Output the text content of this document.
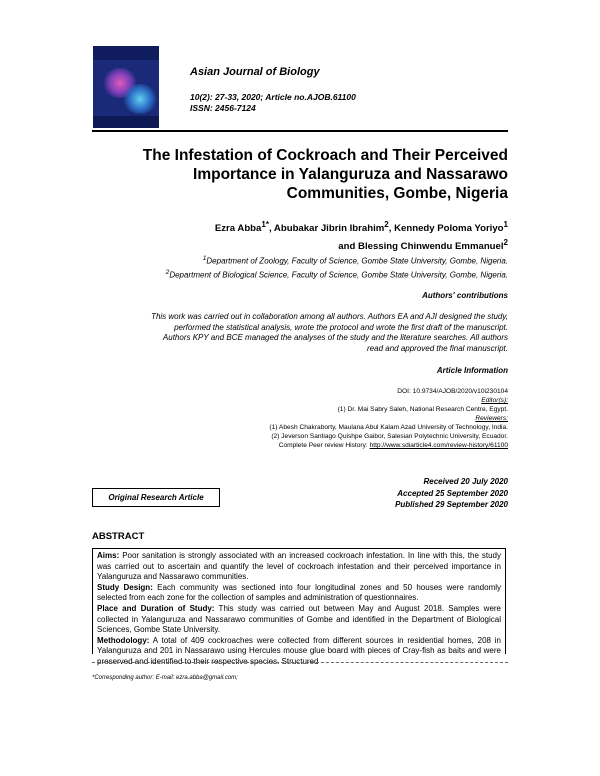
Asian Journal of Biology
10(2): 27-33, 2020; Article no.AJOB.61100
ISSN: 2456-7124
The Infestation of Cockroach and Their Perceived
Importance in Yalanguruza and Nassarawo
Communities, Gombe, Nigeria
Ezra Abba$^{1*}$, Abubakar Jibrin Ibrahim$^2$, Kennedy Poloma Yoriyo$^1$
and Blessing Chinwendu Emmanuel$^2$
$^1$Department of Zoology, Faculty of Science, Gombe State University, Gombe, Nigeria.
$^2$Department of Biological Science, Faculty of Science, Gombe State University, Gombe, Nigeria.
Authors' contributions
This work was carried out in collaboration among all authors. Authors EA and AJI designed the study,
performed the statistical analysis, wrote the protocol and wrote the first draft of the manuscript.
Authors KPY and BCE managed the analyses of the study and the literature searches. All authors
read and approved the final manuscript.
Article Information
DOI: 10.9734/AJOB/2020/v10i230104
Editor(s):
(1) Dr. Mai Sabry Saleh, National Research Centre, Egypt.
Reviewers:
(1) Abesh Chakraborty, Maulana Abul Kalam Azad University of Technology, India.
(2) Jeverson Santiago Quishpe Gaibor, Salesian Polytechnic University, Ecuador.
Complete Peer review History: http://www.sdiarticle4.com/review-history/61100
Received 20 July 2020
Accepted 25 September 2020
Published 29 September 2020
Original Research Article
ABSTRACT

Aims: Poor sanitation is strongly associated with an increased cockroach infestation. In line with this, the study was carried out to ascertain and quantify the level of cockroach infestation and their perceived importance in Yalanguruza and Nassarawo communities.

Study Design: Each community was sectioned into four longitudinal zones and 50 houses were randomly selected from each zone for the collection of samples and administration of questionnaires.

Place and Duration of Study: This study was carried out between May and August 2018. Samples were collected in Yalanguruza and Nassarawo communities of Gombe and identified in the Department of Biological Sciences, Gombe State University.

Methodology: A total of 409 cockroaches were collected from different sources in residential homes, 208 in Yalanguruza and 201 in Nassarawo using Hercules mouse glue board with pieces of Cray-fish as baits and were preserved and identified to their respective species. Structured

*Corresponding author: E-mail: ezra.abba@gmail.com;
